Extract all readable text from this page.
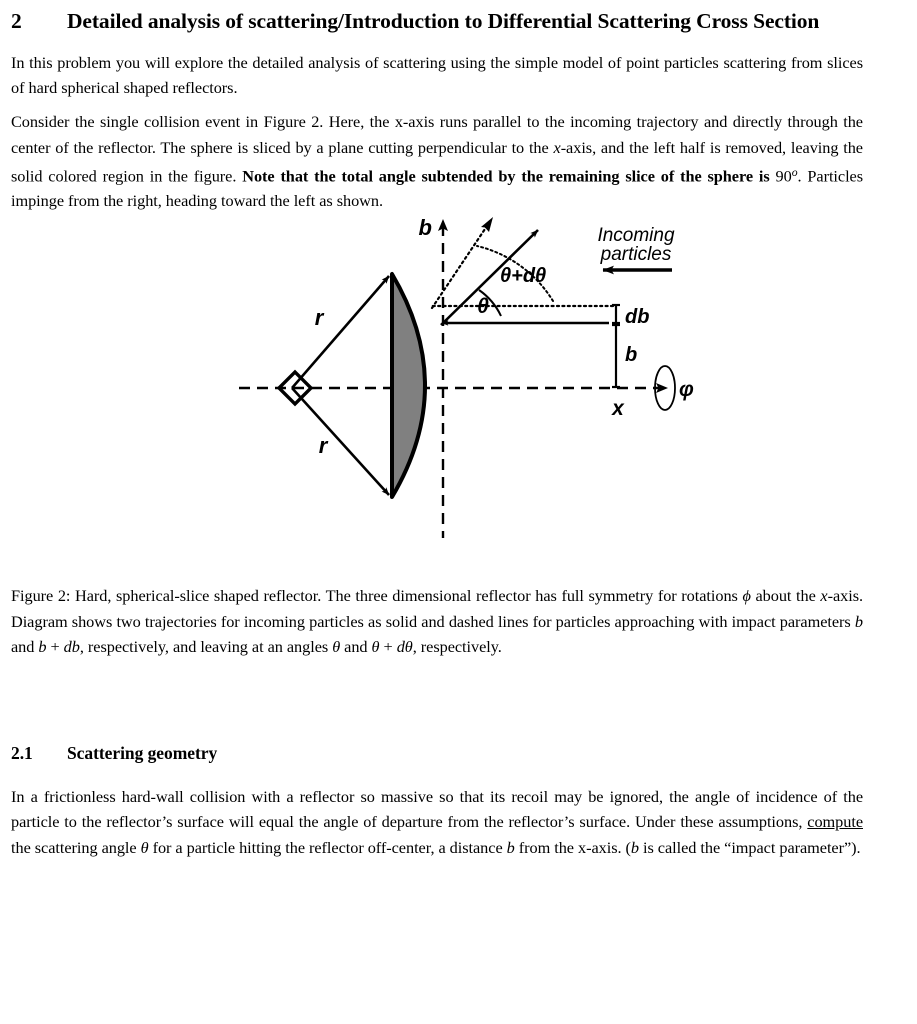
2	Detailed analysis of scattering/Introduction to Differential Scattering Cross Section

In this problem you will explore the detailed analysis of scattering using the simple model of point particles scattering from slices of hard spherical shaped reflectors.

Consider the single collision event in Figure 2. Here, the x-axis runs parallel to the incoming trajectory and directly through the center of the reflector. The sphere is sliced by a plane cutting perpendicular to the x-axis, and the left half is removed, leaving the solid colored region in the figure. Note that the total angle subtended by the remaining slice of the sphere is 90$^o$. Particles impinge from the right, heading toward the left as shown.

b
r
r
θ
θ+dθ
Incoming
particles
db
b
x
φ

Figure 2: Hard, spherical-slice shaped reflector. The three dimensional reflector has full symmetry for rotations ϕ about the x-axis. Diagram shows two trajectories for incoming particles as solid and dashed lines for particles approaching with impact parameters b and b + db, respectively, and leaving at an angles θ and θ + dθ, respectively.

2.1	Scattering geometry

In a frictionless hard-wall collision with a reflector so massive so that its recoil may be ignored, the angle of incidence of the particle to the reflector’s surface will equal the angle of departure from the reflector’s surface. Under these assumptions, compute the scattering angle θ for a particle hitting the reflector off-center, a distance b from the x-axis. (b is called the “impact parameter”).
